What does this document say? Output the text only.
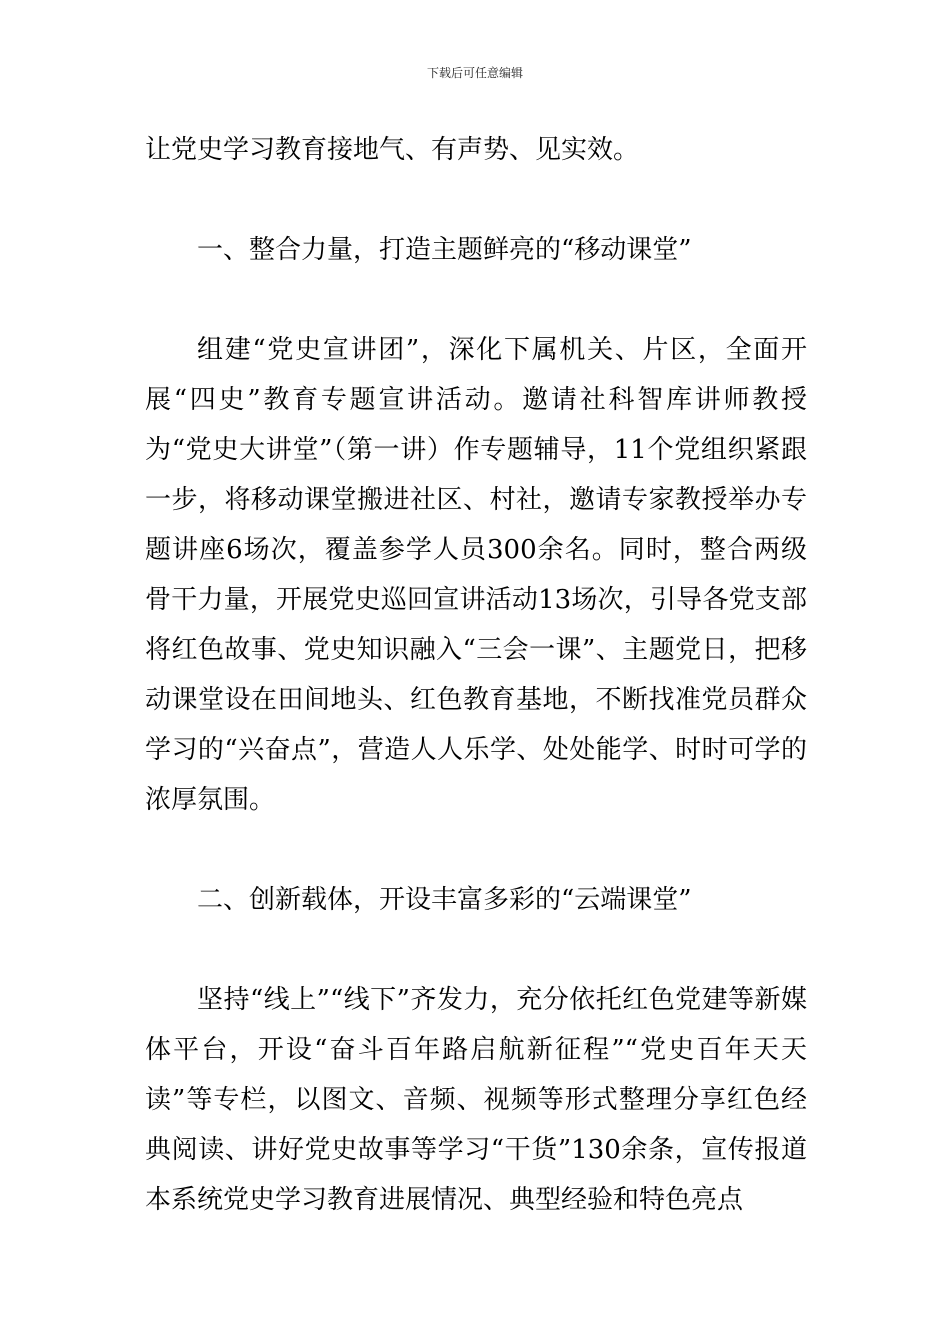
下载后可任意编辑

让党史学习教育接地气、有声势、见实效。

一、整合力量，打造主题鲜亮的“移动课堂”

组建“党史宣讲团”，深化下属机关、片区，全面开展“四史”教育专题宣讲活动。邀请社科智库讲师教授为“党史大讲堂”（第一讲）作专题辅导，11个党组织紧跟一步，将移动课堂搬进社区、村社，邀请专家教授举办专题讲座6场次，覆盖参学人员300余名。同时，整合两级骨干力量，开展党史巡回宣讲活动13场次，引导各党支部将红色故事、党史知识融入“三会一课”、主题党日，把移动课堂设在田间地头、红色教育基地，不断找准党员群众学习的“兴奋点”，营造人人乐学、处处能学、时时可学的浓厚氛围。

二、创新载体，开设丰富多彩的“云端课堂”

坚持“线上”“线下”齐发力，充分依托红色党建等新媒体平台，开设“奋斗百年路启航新征程”“党史百年天天读”等专栏，以图文、音频、视频等形式整理分享红色经典阅读、讲好党史故事等学习“干货”130余条，宣传报道本系统党史学习教育进展情况、典型经验和特色亮点
